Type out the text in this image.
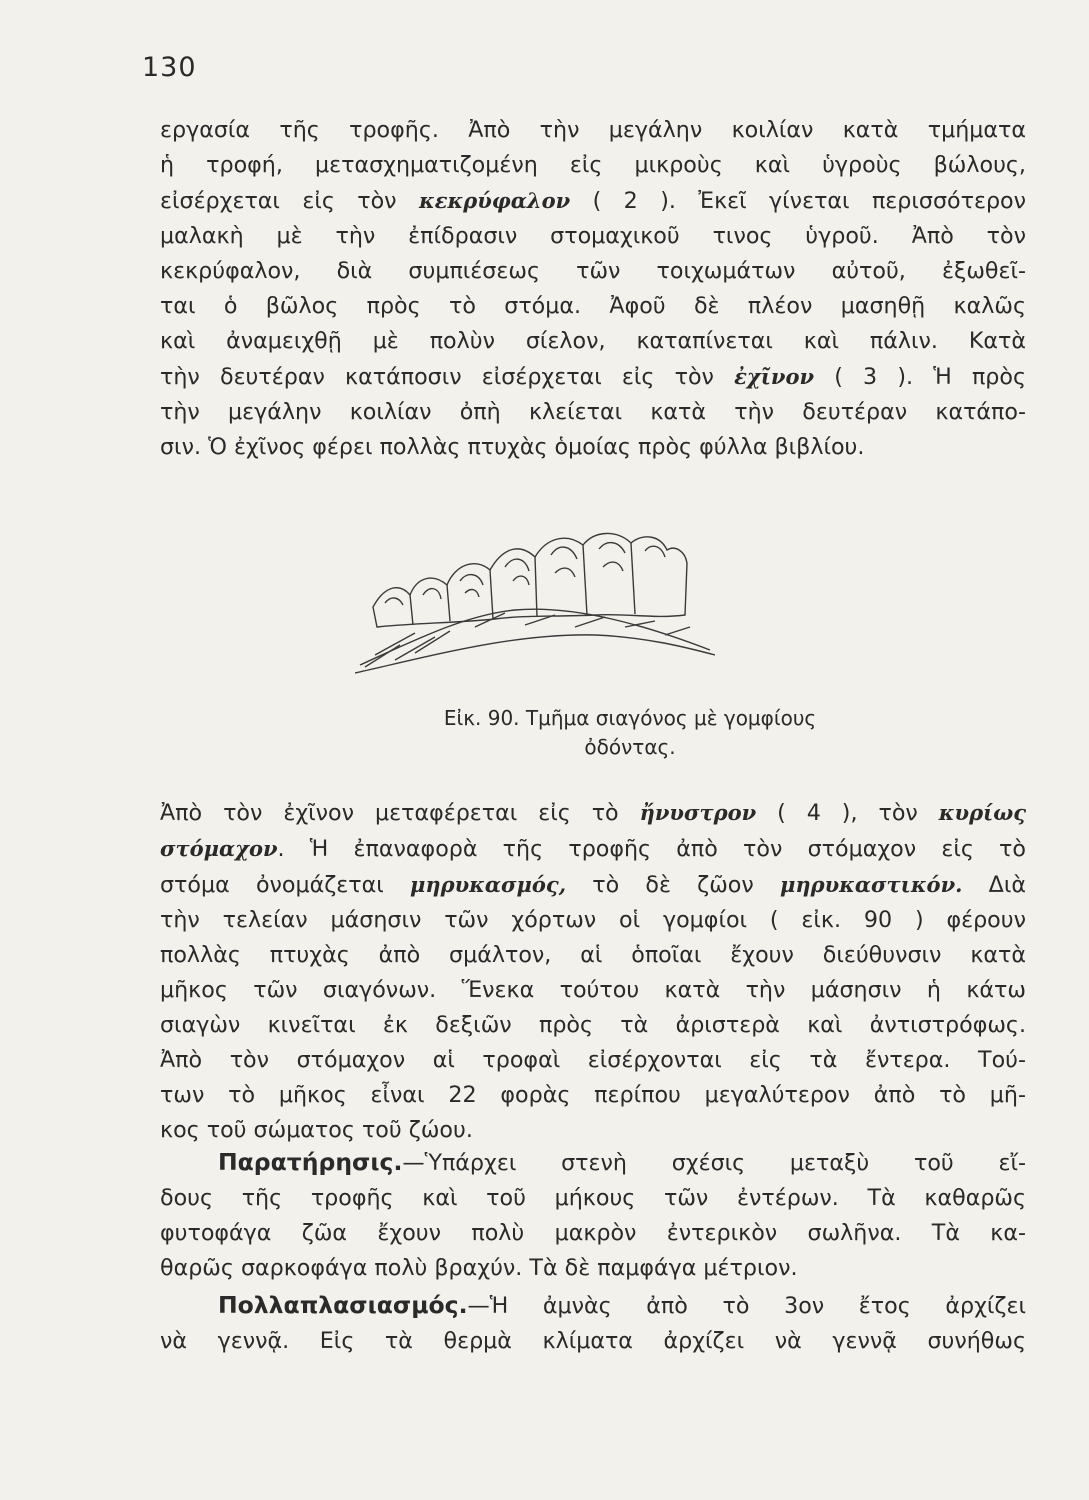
130
εργασία τῆς τροφῆς. Ἀπὸ τὴν μεγάλην κοιλίαν κατὰ τμήματα
ἡ τροφή, μετασχηματιζομένη εἰς μικροὺς καὶ ὑγροὺς βώλους,
εἰσέρχεται εἰς τὸν κεκρύφαλον ( 2 ). Ἐκεῖ γίνεται περισσότερον
μαλακὴ μὲ τὴν ἐπίδρασιν στομαχικοῦ τινος ὑγροῦ. Ἀπὸ τὸν
κεκρύφαλον, διὰ συμπιέσεως τῶν τοιχωμάτων αὐτοῦ, ἐξωθεῖ-
ται ὁ βῶλος πρὸς τὸ στόμα. Ἀφοῦ δὲ πλέον μασηθῇ καλῶς
καὶ ἀναμειχθῇ μὲ πολὺν σίελον, καταπίνεται καὶ πάλιν. Κατὰ
τὴν δευτέραν κατάποσιν εἰσέρχεται εἰς τὸν ἐχῖνον ( 3 ). Ἡ πρὸς
τὴν μεγάλην κοιλίαν ὀπὴ κλείεται κατὰ τὴν δευτέραν κατάπο-
σιν. Ὁ ἐχῖνος φέρει πολλὰς πτυχὰς ὁμοίας πρὸς φύλλα βιβλίου.
Εἰκ. 90. Τμῆμα σιαγόνος μὲ γομφίους
ὀδόντας.
Ἀπὸ τὸν ἐχῖνον μεταφέρεται εἰς τὸ ἤνυστρον ( 4 ), τὸν κυρίως
στόμαχον. Ἡ ἐπαναφορὰ τῆς τροφῆς ἀπὸ τὸν στόμαχον εἰς τὸ
στόμα ὀνομάζεται μηρυκασμός, τὸ δὲ ζῶον μηρυκαστικόν. Διὰ
τὴν τελείαν μάσησιν τῶν χόρτων οἱ γομφίοι ( εἰκ. 90 ) φέρουν
πολλὰς πτυχὰς ἀπὸ σμάλτον, αἱ ὁποῖαι ἔχουν διεύθυνσιν κατὰ
μῆκος τῶν σιαγόνων. Ἕνεκα τούτου κατὰ τὴν μάσησιν ἡ κάτω
σιαγὼν κινεῖται ἐκ δεξιῶν πρὸς τὰ ἀριστερὰ καὶ ἀντιστρόφως.
Ἀπὸ τὸν στόμαχον αἱ τροφαὶ εἰσέρχονται εἰς τὰ ἔντερα. Τού-
των τὸ μῆκος εἶναι 22 φορὰς περίπου μεγαλύτερον ἀπὸ τὸ μῆ-
κος τοῦ σώματος τοῦ ζώου.
Παρατήρησις.—Ὑπάρχει στενὴ σχέσις μεταξὺ τοῦ εἴ-
δους τῆς τροφῆς καὶ τοῦ μήκους τῶν ἐντέρων. Τὰ καθαρῶς
φυτοφάγα ζῶα ἔχουν πολὺ μακρὸν ἐντερικὸν σωλῆνα. Τὰ κα-
θαρῶς σαρκοφάγα πολὺ βραχύν. Τὰ δὲ παμφάγα μέτριον.
Πολλαπλασιασμός.—Ἡ ἀμνὰς ἀπὸ τὸ 3ον ἔτος ἀρχίζει
νὰ γεννᾷ. Εἰς τὰ θερμὰ κλίματα ἀρχίζει νὰ γεννᾷ συνήθως
